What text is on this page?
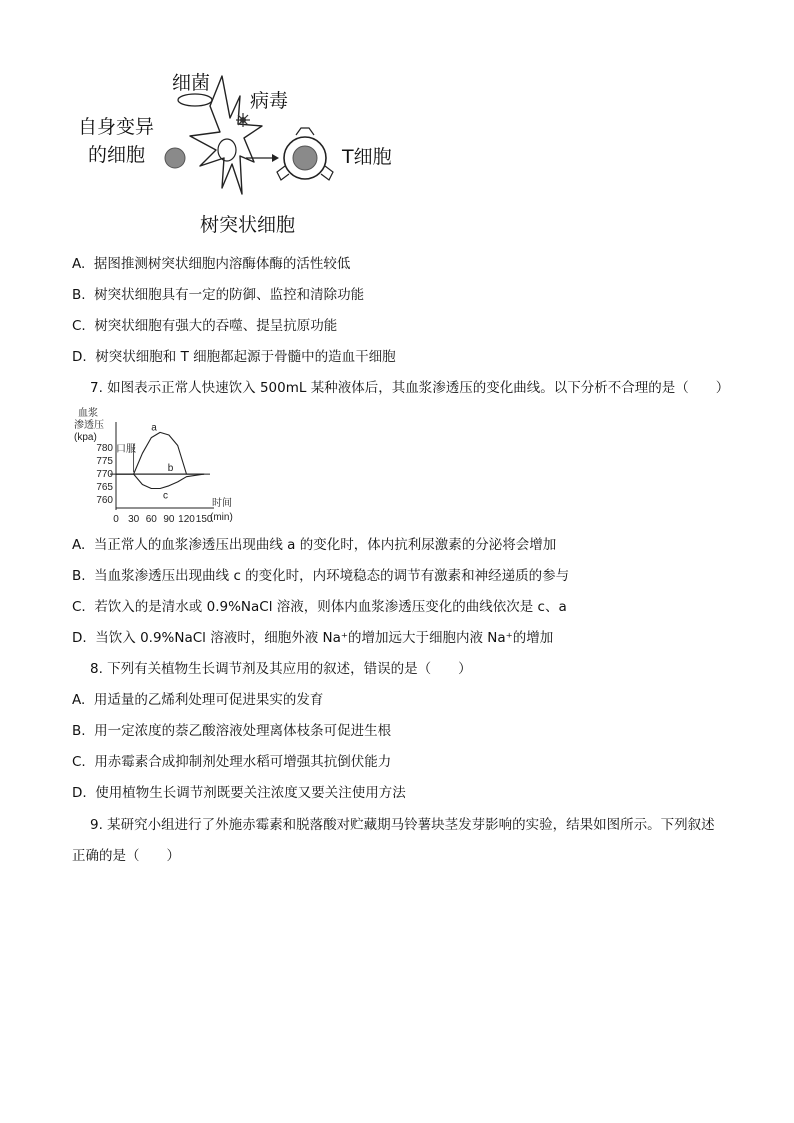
细菌
病毒
自身变异
的细胞	T细胞
树突状细胞
A. 据图推测树突状细胞内溶酶体酶的活性较低
B. 树突状细胞具有一定的防御、监控和清除功能
C. 树突状细胞有强大的吞噬、提呈抗原功能
D. 树突状细胞和 T 细胞都起源于骨髓中的造血干细胞
7. 如图表示正常人快速饮入 500mL 某种液体后，其血浆渗透压的变化曲线。以下分析不合理的是（　　）
血浆
渗透压
(kpa)
a
b
c
760
765
770
775
780
0 30 60 90 120 150
时间
(min)
口服
A. 当正常人的血浆渗透压出现曲线 a 的变化时，体内抗利尿激素的分泌将会增加
B. 当血浆渗透压出现曲线 c 的变化时，内环境稳态的调节有激素和神经递质的参与
C. 若饮入的是清水或 0.9%NaCl 溶液，则体内血浆渗透压变化的曲线依次是 c、a
D. 当饮入 0.9%NaCl 溶液时，细胞外液 Na⁺的增加远大于细胞内液 Na⁺的增加
8. 下列有关植物生长调节剂及其应用的叙述，错误的是（　　）
A. 用适量的乙烯利处理可促进果实的发育
B. 用一定浓度的萘乙酸溶液处理离体枝条可促进生根
C. 用赤霉素合成抑制剂处理水稻可增强其抗倒伏能力
D. 使用植物生长调节剂既要关注浓度又要关注使用方法
9. 某研究小组进行了外施赤霉素和脱落酸对贮藏期马铃薯块茎发芽影响的实验，结果如图所示。下列叙述
正确的是（　　）
